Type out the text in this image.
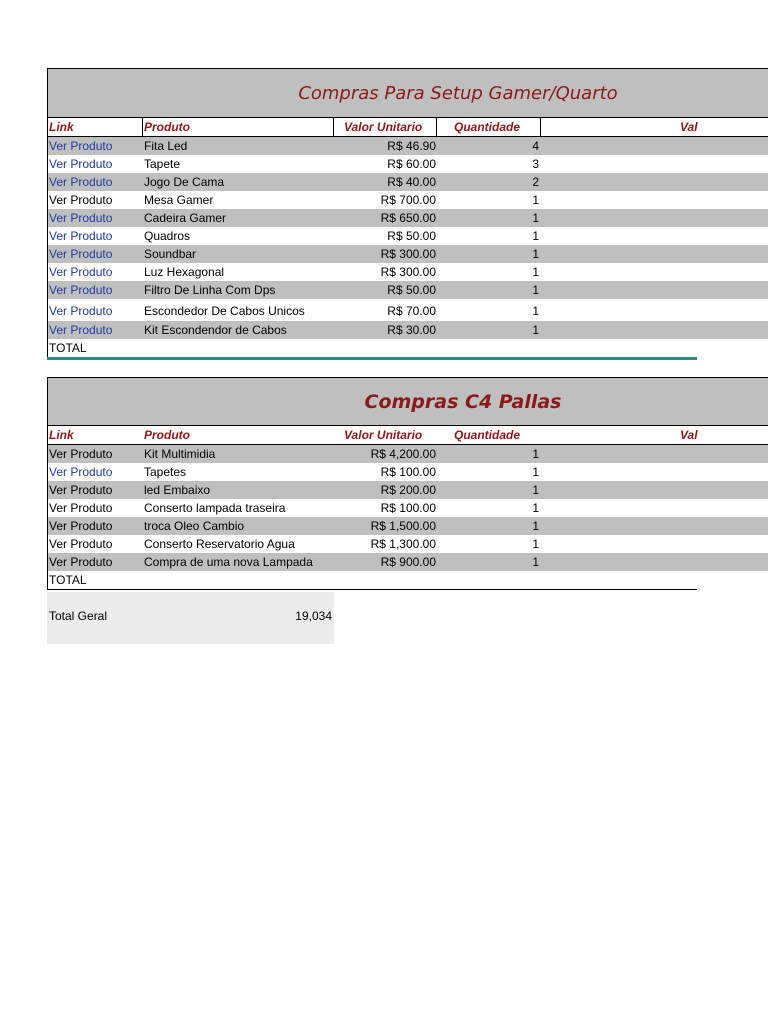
Compras Para Setup Gamer/Quarto
Link	Produto	Valor Unitario	Quantidade	Val
Ver Produto	Fita Led	R$ 46.90	4
Ver Produto	Tapete	R$ 60.00	3
Ver Produto	Jogo De Cama	R$ 40.00	2
Ver Produto	Mesa Gamer	R$ 700.00	1
Ver Produto	Cadeira Gamer	R$ 650.00	1
Ver Produto	Quadros	R$ 50.00	1
Ver Produto	Soundbar	R$ 300.00	1
Ver Produto	Luz Hexagonal	R$ 300.00	1
Ver Produto	Filtro De Linha Com Dps	R$ 50.00	1
Ver Produto	Escondedor De Cabos Unicos	R$ 70.00	1
Ver Produto	Kit Escondendor de Cabos	R$ 30.00	1
TOTAL
Compras C4 Pallas
Link	Produto	Valor Unitario	Quantidade	Val
Ver Produto	Kit Multimidia	R$ 4,200.00	1
Ver Produto	Tapetes	R$ 100.00	1
Ver Produto	led Embaixo	R$ 200.00	1
Ver Produto	Conserto lampada traseira	R$ 100.00	1
Ver Produto	troca Oleo Cambio	R$ 1,500.00	1
Ver Produto	Conserto Reservatorio Agua	R$ 1,300.00	1
Ver Produto	Compra de uma nova Lampada	R$ 900.00	1
TOTAL
Total Geral	19,034
